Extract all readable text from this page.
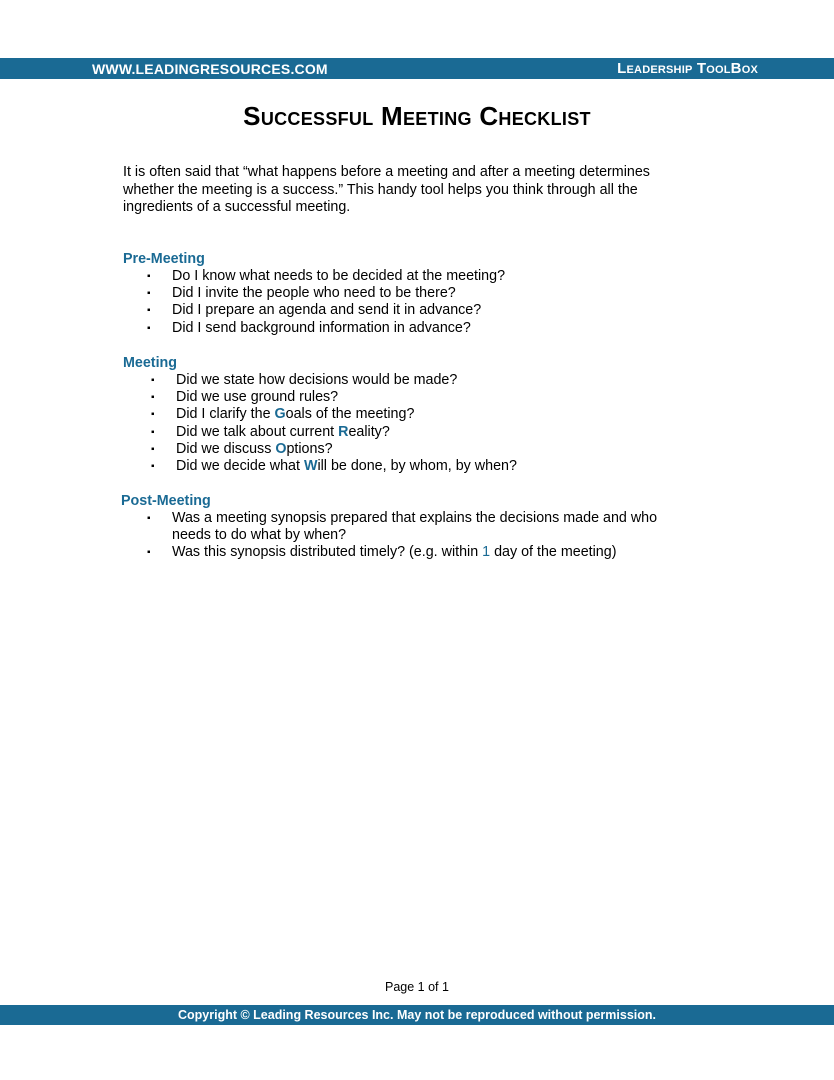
WWW.LEADINGRESOURCES.COM	Leadership ToolBox
Successful Meeting Checklist

It is often said that “what happens before a meeting and after a meeting determines whether the meeting is a success.” This handy tool helps you think through all the ingredients of a successful meeting.

Pre-Meeting
▪	Do I know what needs to be decided at the meeting?
▪	Did I invite the people who need to be there?
▪	Did I prepare an agenda and send it in advance?
▪	Did I send background information in advance?
Meeting
▪	Did we state how decisions would be made?
▪	Did we use ground rules?
▪	Did I clarify the Goals of the meeting?
▪	Did we talk about current Reality?
▪	Did we discuss Options?
▪	Did we decide what Will be done, by whom, by when?
Post-Meeting
▪	Was a meeting synopsis prepared that explains the decisions made and who needs to do what by when?
▪	Was this synopsis distributed timely? (e.g. within 1 day of the meeting)
Page 1 of 1
Copyright © Leading Resources Inc. May not be reproduced without permission.
